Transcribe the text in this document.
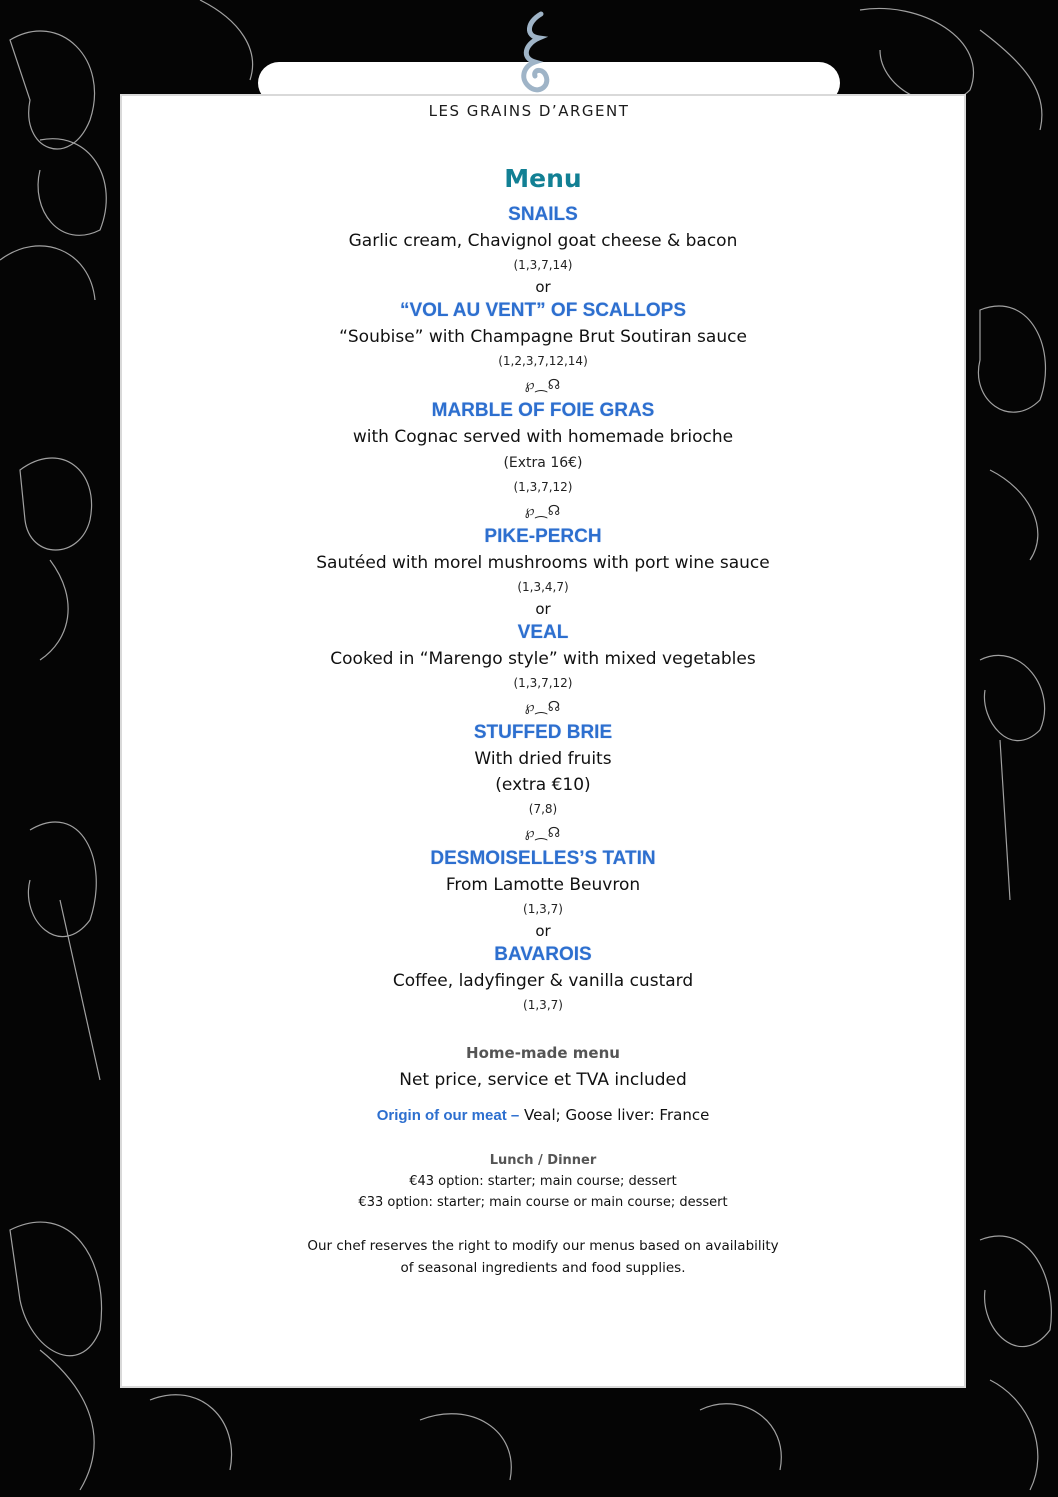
LES GRAINS D’ARGENT
Menu
SNAILS
Garlic cream, Chavignol goat cheese & bacon
(1,3,7,14)
or
“VOL AU VENT” OF SCALLOPS
“Soubise” with Champagne Brut Soutiran sauce
(1,2,3,7,12,14)
℘⁔☊
MARBLE OF FOIE GRAS
with Cognac served with homemade brioche
(Extra 16€)
(1,3,7,12)
℘⁔☊
PIKE-PERCH
Sautéed with morel mushrooms with port wine sauce
(1,3,4,7)
or
VEAL
Cooked in “Marengo style” with mixed vegetables
(1,3,7,12)
℘⁔☊
STUFFED BRIE
With dried fruits
(extra €10)
(7,8)
℘⁔☊
DESMOISELLES’S TATIN
From Lamotte Beuvron
(1,3,7)
or
BAVAROIS
Coffee, ladyfinger & vanilla custard
(1,3,7)
Home-made menu
Net price, service et TVA included
Origin of our meat – Veal; Goose liver: France
Lunch / Dinner
€43 option: starter; main course; dessert
€33 option: starter; main course or main course; dessert
Our chef reserves the right to modify our menus based on availability
of seasonal ingredients and food supplies.
